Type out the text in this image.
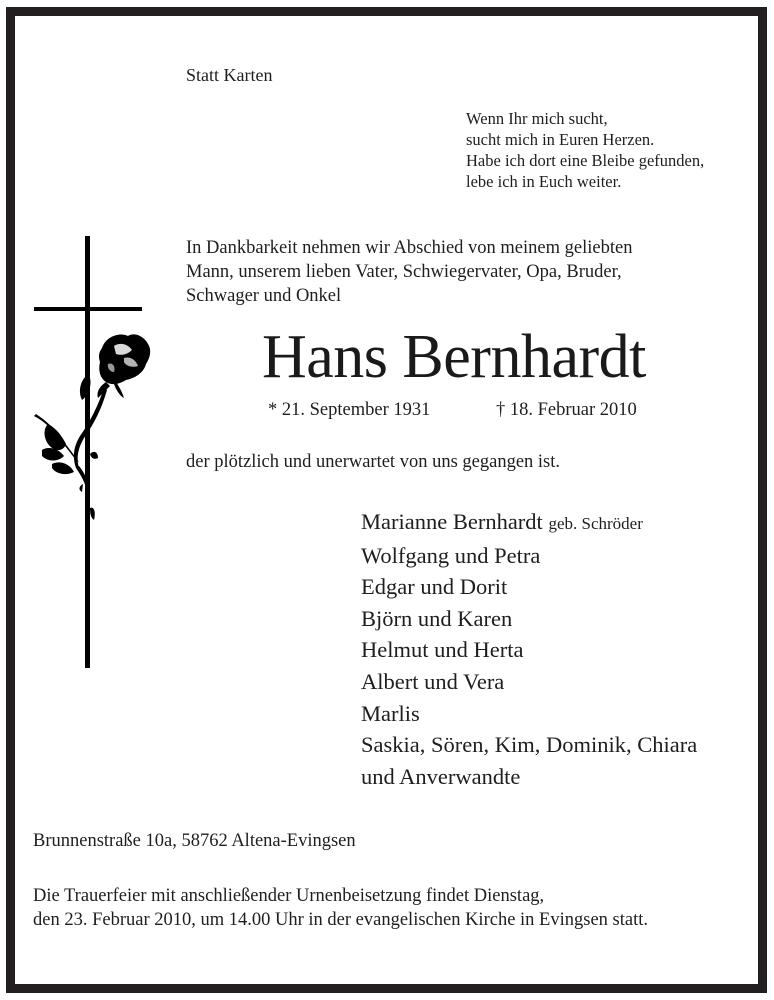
Statt Karten
Wenn Ihr mich sucht,
sucht mich in Euren Herzen.
Habe ich dort eine Bleibe gefunden,
lebe ich in Euch weiter.
In Dankbarkeit nehmen wir Abschied von meinem geliebten
Mann, unserem lieben Vater, Schwiegervater, Opa, Bruder,
Schwager und Onkel
Hans Bernhardt
* 21. September 1931	† 18. Februar 2010
der plötzlich und unerwartet von uns gegangen ist.
Marianne Bernhardt geb. Schröder
Wolfgang und Petra
Edgar und Dorit
Björn und Karen
Helmut und Herta
Albert und Vera
Marlis
Saskia, Sören, Kim, Dominik, Chiara
und Anverwandte
Brunnenstraße 10a, 58762 Altena-Evingsen
Die Trauerfeier mit anschließender Urnenbeisetzung findet Dienstag,
den 23. Februar 2010, um 14.00 Uhr in der evangelischen Kirche in Evingsen statt.
